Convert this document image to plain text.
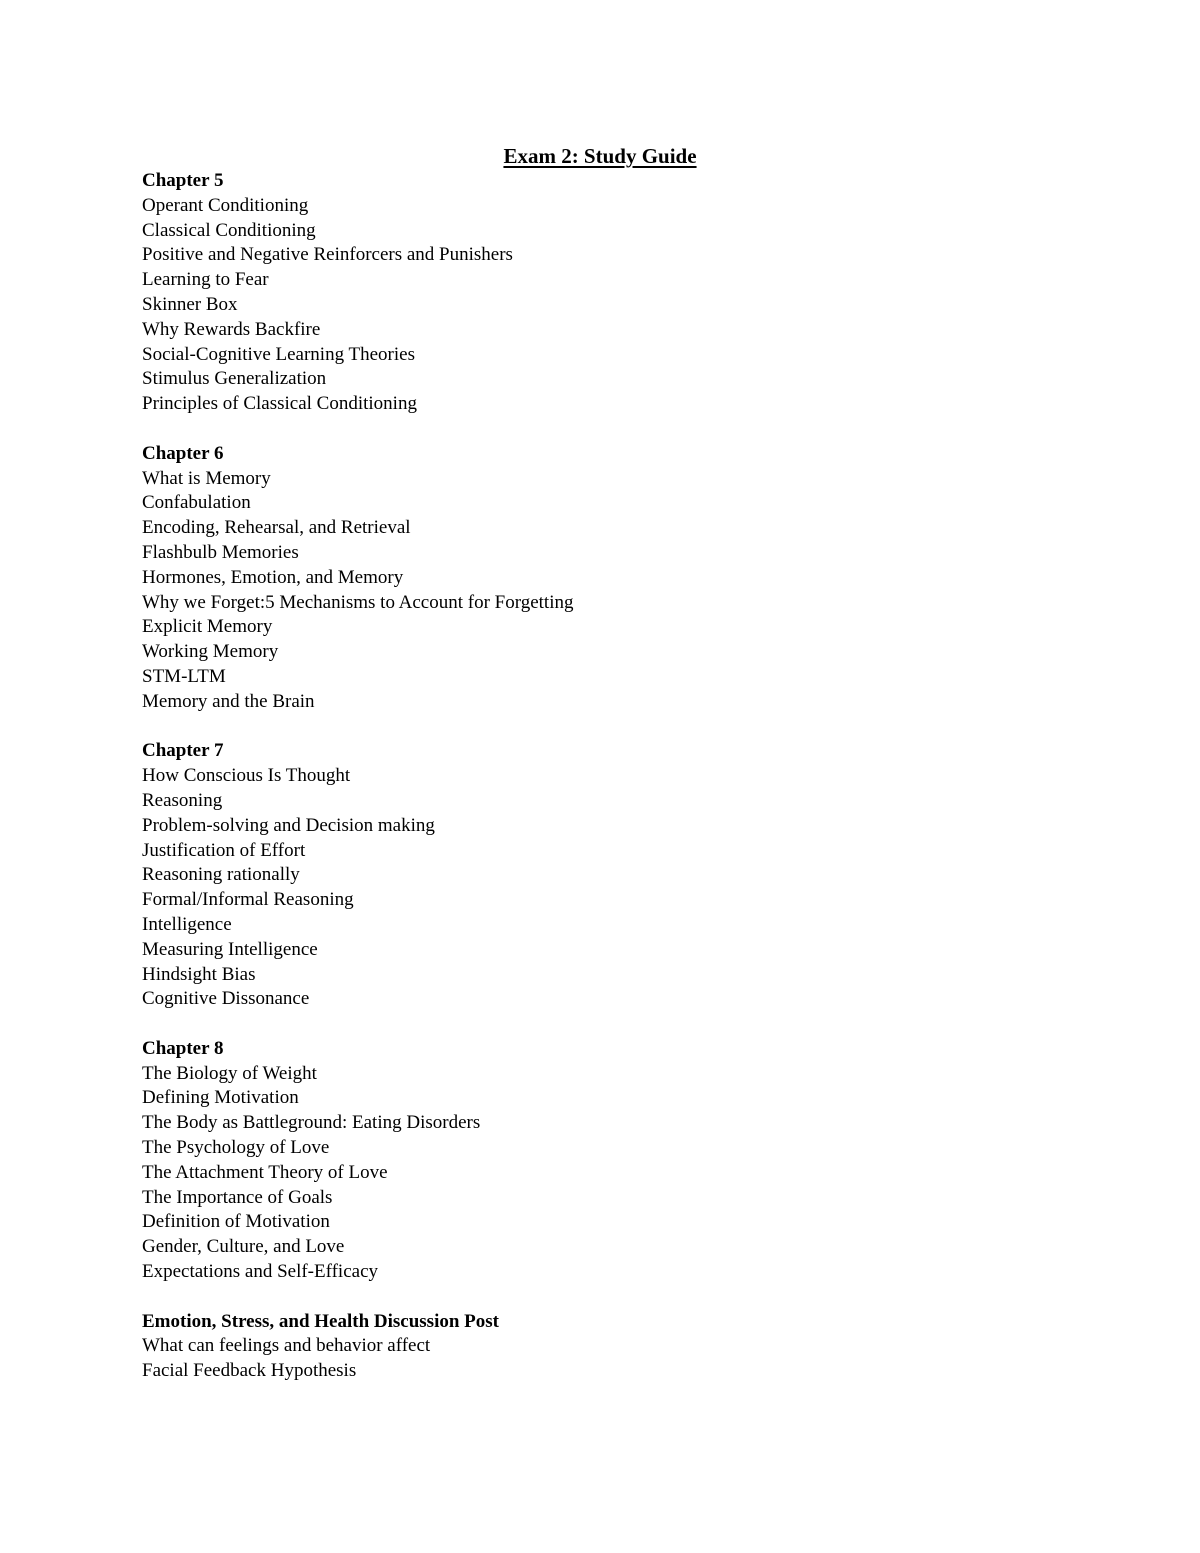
Exam 2: Study Guide
Chapter 5
Operant Conditioning
Classical Conditioning
Positive and Negative Reinforcers and Punishers
Learning to Fear
Skinner Box
Why Rewards Backfire
Social-Cognitive Learning Theories
Stimulus Generalization
Principles of Classical Conditioning
Chapter 6
What is Memory
Confabulation
Encoding, Rehearsal, and Retrieval
Flashbulb Memories
Hormones, Emotion, and Memory
Why we Forget:5 Mechanisms to Account for Forgetting
Explicit Memory
Working Memory
STM-LTM
Memory and the Brain
Chapter 7
How Conscious Is Thought
Reasoning
Problem-solving and Decision making
Justification of Effort
Reasoning rationally
Formal/Informal Reasoning
Intelligence
Measuring Intelligence
Hindsight Bias
Cognitive Dissonance
Chapter 8
The Biology of Weight
Defining Motivation
The Body as Battleground: Eating Disorders
The Psychology of Love
The Attachment Theory of Love
The Importance of Goals
Definition of Motivation
Gender, Culture, and Love
Expectations and Self-Efficacy
Emotion, Stress, and Health Discussion Post
What can feelings and behavior affect
Facial Feedback Hypothesis
